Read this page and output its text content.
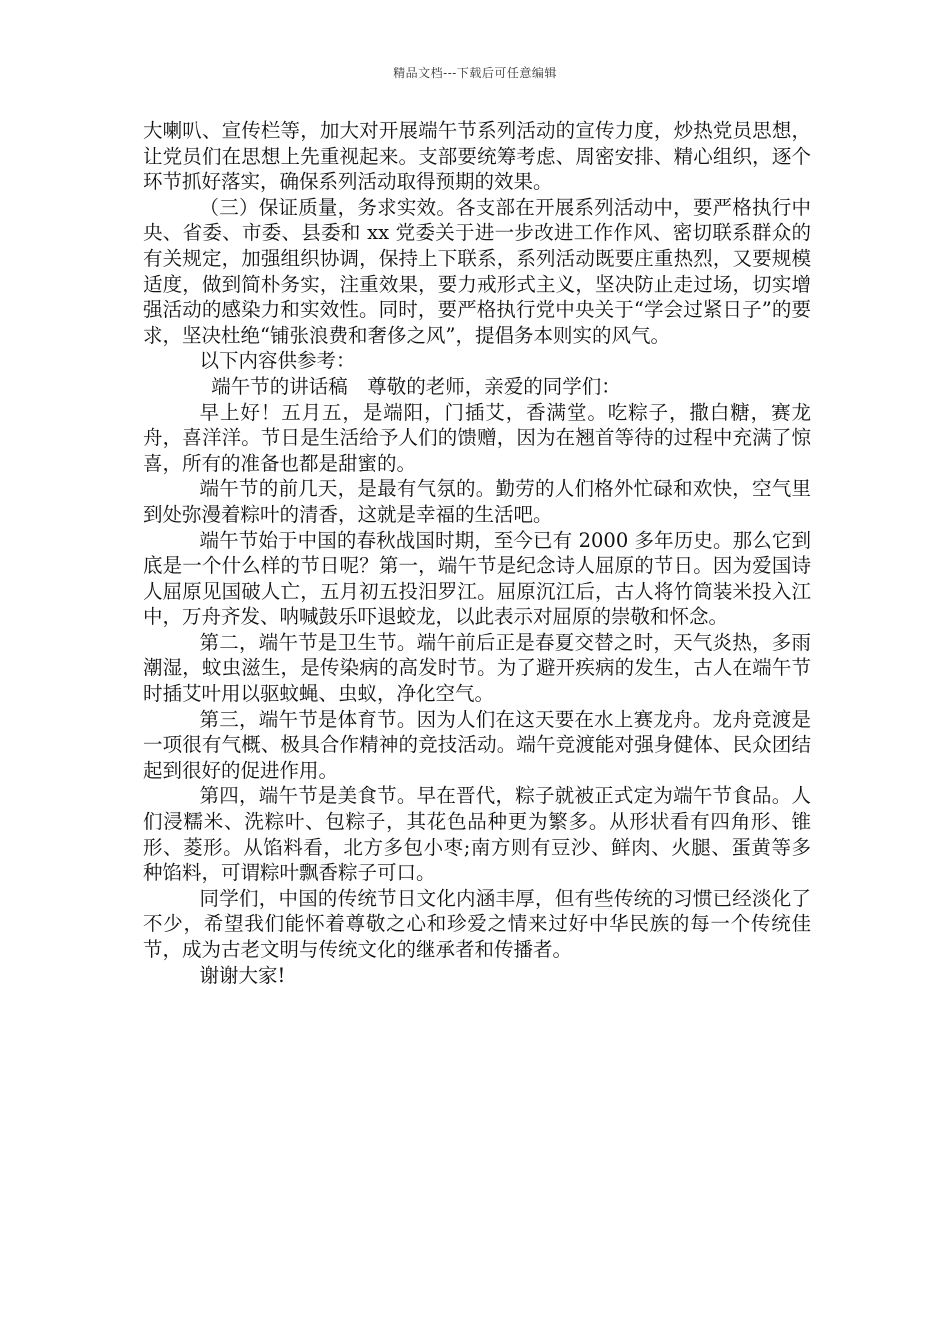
精品文档---下载后可任意编辑

大喇叭、宣传栏等，加大对开展端午节系列活动的宣传力度，炒热党员思想，让党员们在思想上先重视起来。支部要统筹考虑、周密安排、精心组织，逐个环节抓好落实，确保系列活动取得预期的效果。

（三）保证质量，务求实效。各支部在开展系列活动中，要严格执行中央、省委、市委、县委和 xx 党委关于进一步改进工作作风、密切联系群众的有关规定，加强组织协调，保持上下联系，系列活动既要庄重热烈，又要规模适度，做到简朴务实，注重效果，要力戒形式主义，坚决防止走过场，切实增强活动的感染力和实效性。同时，要严格执行党中央关于“学会过紧日子”的要求，坚决杜绝“铺张浪费和奢侈之风”，提倡务本则实的风气。

以下内容供参考：

端午节的讲话稿　尊敬的老师，亲爱的同学们：

早上好！五月五，是端阳，门插艾，香满堂。吃粽子，撒白糖，赛龙舟，喜洋洋。节日是生活给予人们的馈赠，因为在翘首等待的过程中充满了惊喜，所有的准备也都是甜蜜的。

端午节的前几天，是最有气氛的。勤劳的人们格外忙碌和欢快，空气里到处弥漫着粽叶的清香，这就是幸福的生活吧。

端午节始于中国的春秋战国时期，至今已有 2000 多年历史。那么它到底是一个什么样的节日呢？第一，端午节是纪念诗人屈原的节日。因为爱国诗人屈原见国破人亡，五月初五投汨罗江。屈原沉江后，古人将竹筒装米投入江中，万舟齐发、呐喊鼓乐吓退蛟龙，以此表示对屈原的崇敬和怀念。

第二，端午节是卫生节。端午前后正是春夏交替之时，天气炎热，多雨潮湿，蚊虫滋生，是传染病的高发时节。为了避开疾病的发生，古人在端午节时插艾叶用以驱蚊蝇、虫蚁，净化空气。

第三，端午节是体育节。因为人们在这天要在水上赛龙舟。龙舟竞渡是一项很有气概、极具合作精神的竞技活动。端午竞渡能对强身健体、民众团结起到很好的促进作用。

第四，端午节是美食节。早在晋代，粽子就被正式定为端午节食品。人们浸糯米、洗粽叶、包粽子，其花色品种更为繁多。从形状看有四角形、锥形、菱形。从馅料看，北方多包小枣;南方则有豆沙、鲜肉、火腿、蛋黄等多种馅料，可谓粽叶飘香粽子可口。

同学们，中国的传统节日文化内涵丰厚，但有些传统的习惯已经淡化了不少，希望我们能怀着尊敬之心和珍爱之情来过好中华民族的每一个传统佳节，成为古老文明与传统文化的继承者和传播者。

谢谢大家!
